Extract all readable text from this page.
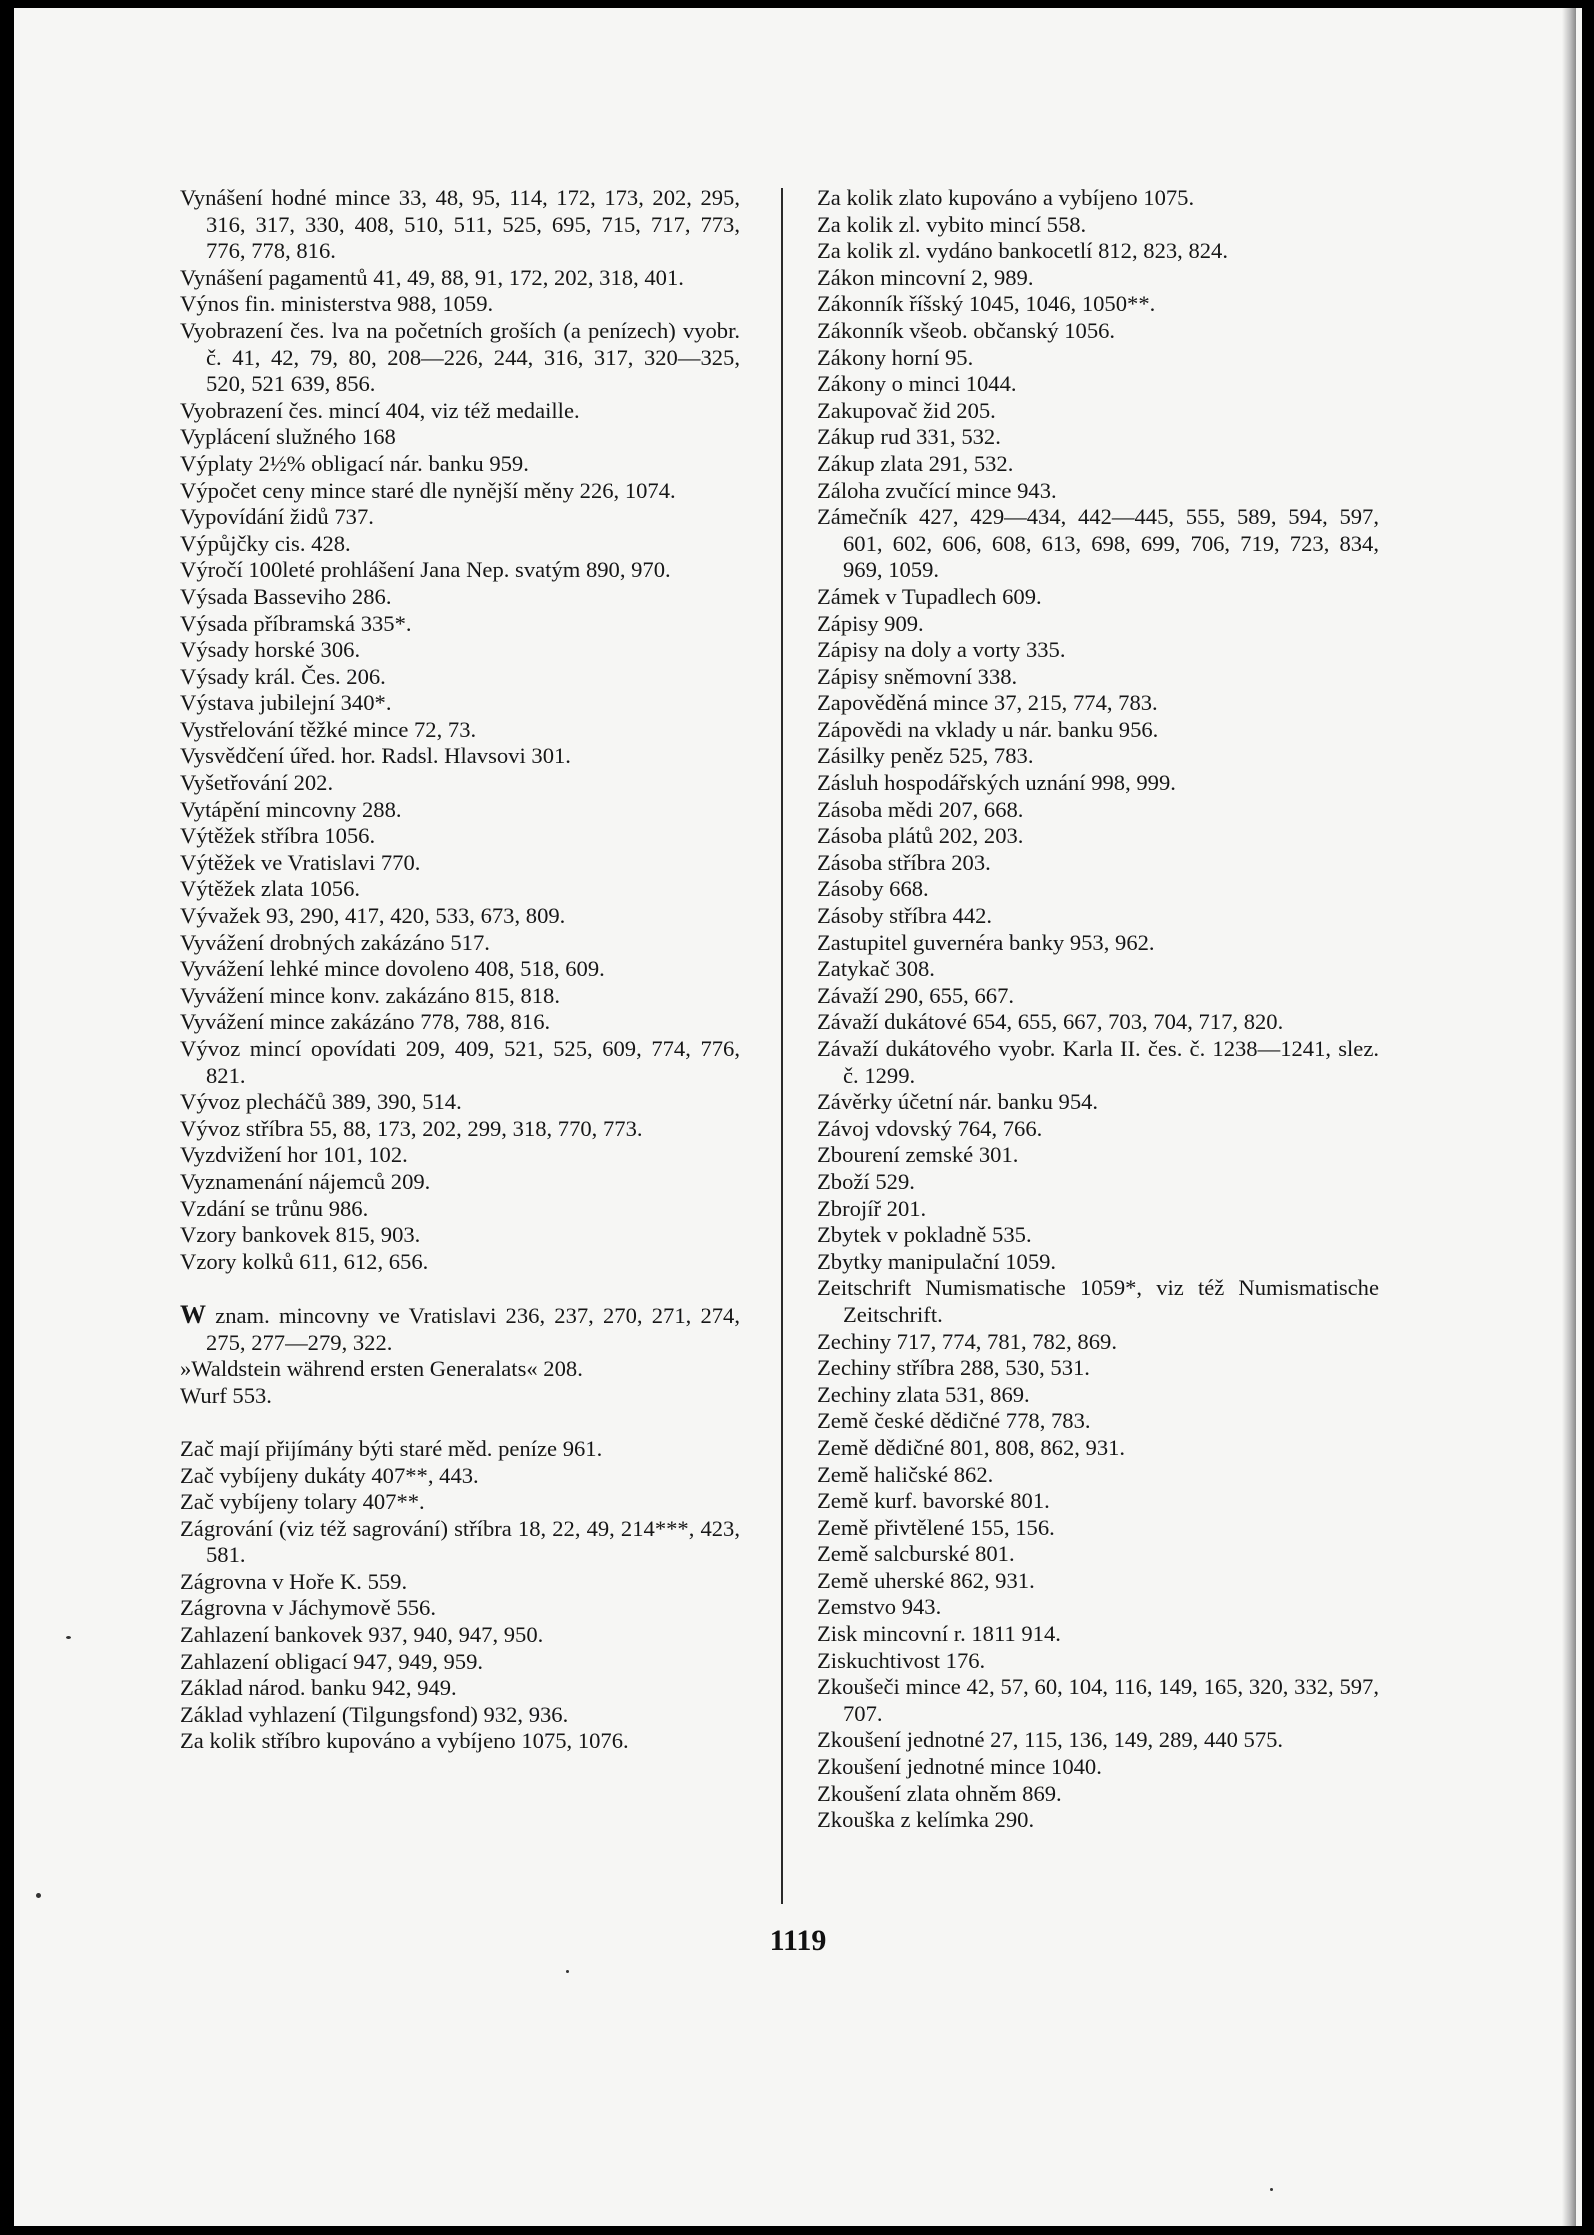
Vynášení hodné mince 33, 48, 95, 114, 172, 173, 202, 295, 316, 317, 330, 408, 510, 511, 525, 695, 715, 717, 773, 776, 778, 816.
Vynášení pagamentů 41, 49, 88, 91, 172, 202, 318, 401.
Výnos fin. ministerstva 988, 1059.
Vyobrazení čes. lva na početních groších (a penízech) vyobr. č. 41, 42, 79, 80, 208—226, 244, 316, 317, 320—325, 520, 521 639, 856.
Vyobrazení čes. mincí 404, viz též medaille.
Vyplácení služného 168
Výplaty 2½% obligací nár. banku 959.
Výpočet ceny mince staré dle nynější měny 226, 1074.
Vypovídání židů 737.
Výpůjčky cis. 428.
Výročí 100leté prohlášení Jana Nep. svatým 890, 970.
Výsada Basseviho 286.
Výsada příbramská 335*.
Výsady horské 306.
Výsady král. Čes. 206.
Výstava jubilejní 340*.
Vystřelování těžké mince 72, 73.
Vysvědčení úřed. hor. Radsl. Hlavsovi 301.
Vyšetřování 202.
Vytápění mincovny 288.
Výtěžek stříbra 1056.
Výtěžek ve Vratislavi 770.
Výtěžek zlata 1056.
Vývažek 93, 290, 417, 420, 533, 673, 809.
Vyvážení drobných zakázáno 517.
Vyvážení lehké mince dovoleno 408, 518, 609.
Vyvážení mince konv. zakázáno 815, 818.
Vyvážení mince zakázáno 778, 788, 816.
Vývoz mincí opovídati 209, 409, 521, 525, 609, 774, 776, 821.
Vývoz plecháčů 389, 390, 514.
Vývoz stříbra 55, 88, 173, 202, 299, 318, 770, 773.
Vyzdvižení hor 101, 102.
Vyznamenání nájemců 209.
Vzdání se trůnu 986.
Vzory bankovek 815, 903.
Vzory kolků 611, 612, 656.
W znam. mincovny ve Vratislavi 236, 237, 270, 271, 274, 275, 277—279, 322.
»Waldstein während ersten Generalats« 208.
Wurf 553.
Zač mají přijímány býti staré měd. peníze 961.
Zač vybíjeny dukáty 407**, 443.
Zač vybíjeny tolary 407**.
Zágrování (viz též sagrování) stříbra 18, 22, 49, 214***, 423, 581.
Zágrovna v Hoře K. 559.
Zágrovna v Jáchymově 556.
Zahlazení bankovek 937, 940, 947, 950.
Zahlazení obligací 947, 949, 959.
Základ národ. banku 942, 949.
Základ vyhlazení (Tilgungsfond) 932, 936.
Za kolik stříbro kupováno a vybíjeno 1075, 1076.
Za kolik zlato kupováno a vybíjeno 1075.
Za kolik zl. vybito mincí 558.
Za kolik zl. vydáno bankocetlí 812, 823, 824.
Zákon mincovní 2, 989.
Zákonník říšský 1045, 1046, 1050**.
Zákonník všeob. občanský 1056.
Zákony horní 95.
Zákony o minci 1044.
Zakupovač žid 205.
Zákup rud 331, 532.
Zákup zlata 291, 532.
Záloha zvučící mince 943.
Zámečník 427, 429—434, 442—445, 555, 589, 594, 597, 601, 602, 606, 608, 613, 698, 699, 706, 719, 723, 834, 969, 1059.
Zámek v Tupadlech 609.
Zápisy 909.
Zápisy na doly a vorty 335.
Zápisy sněmovní 338.
Zapověděná mince 37, 215, 774, 783.
Zápovědi na vklady u nár. banku 956.
Zásilky peněz 525, 783.
Zásluh hospodářských uznání 998, 999.
Zásoba mědi 207, 668.
Zásoba plátů 202, 203.
Zásoba stříbra 203.
Zásoby 668.
Zásoby stříbra 442.
Zastupitel guvernéra banky 953, 962.
Zatykač 308.
Závaží 290, 655, 667.
Závaží dukátové 654, 655, 667, 703, 704, 717, 820.
Závaží dukátového vyobr. Karla II. čes. č. 1238—1241, slez. č. 1299.
Závěrky účetní nár. banku 954.
Závoj vdovský 764, 766.
Zbourení zemské 301.
Zboží 529.
Zbrojíř 201.
Zbytek v pokladně 535.
Zbytky manipulační 1059.
Zeitschrift Numismatische 1059*, viz též Numismatische Zeitschrift.
Zechiny 717, 774, 781, 782, 869.
Zechiny stříbra 288, 530, 531.
Zechiny zlata 531, 869.
Země české dědičné 778, 783.
Země dědičné 801, 808, 862, 931.
Země haličské 862.
Země kurf. bavorské 801.
Země přivtělené 155, 156.
Země salcburské 801.
Země uherské 862, 931.
Zemstvo 943.
Zisk mincovní r. 1811 914.
Ziskuchtivost 176.
Zkoušeči mince 42, 57, 60, 104, 116, 149, 165, 320, 332, 597, 707.
Zkoušení jednotné 27, 115, 136, 149, 289, 440 575.
Zkoušení jednotné mince 1040.
Zkoušení zlata ohněm 869.
Zkouška z kelímka 290.
1119
